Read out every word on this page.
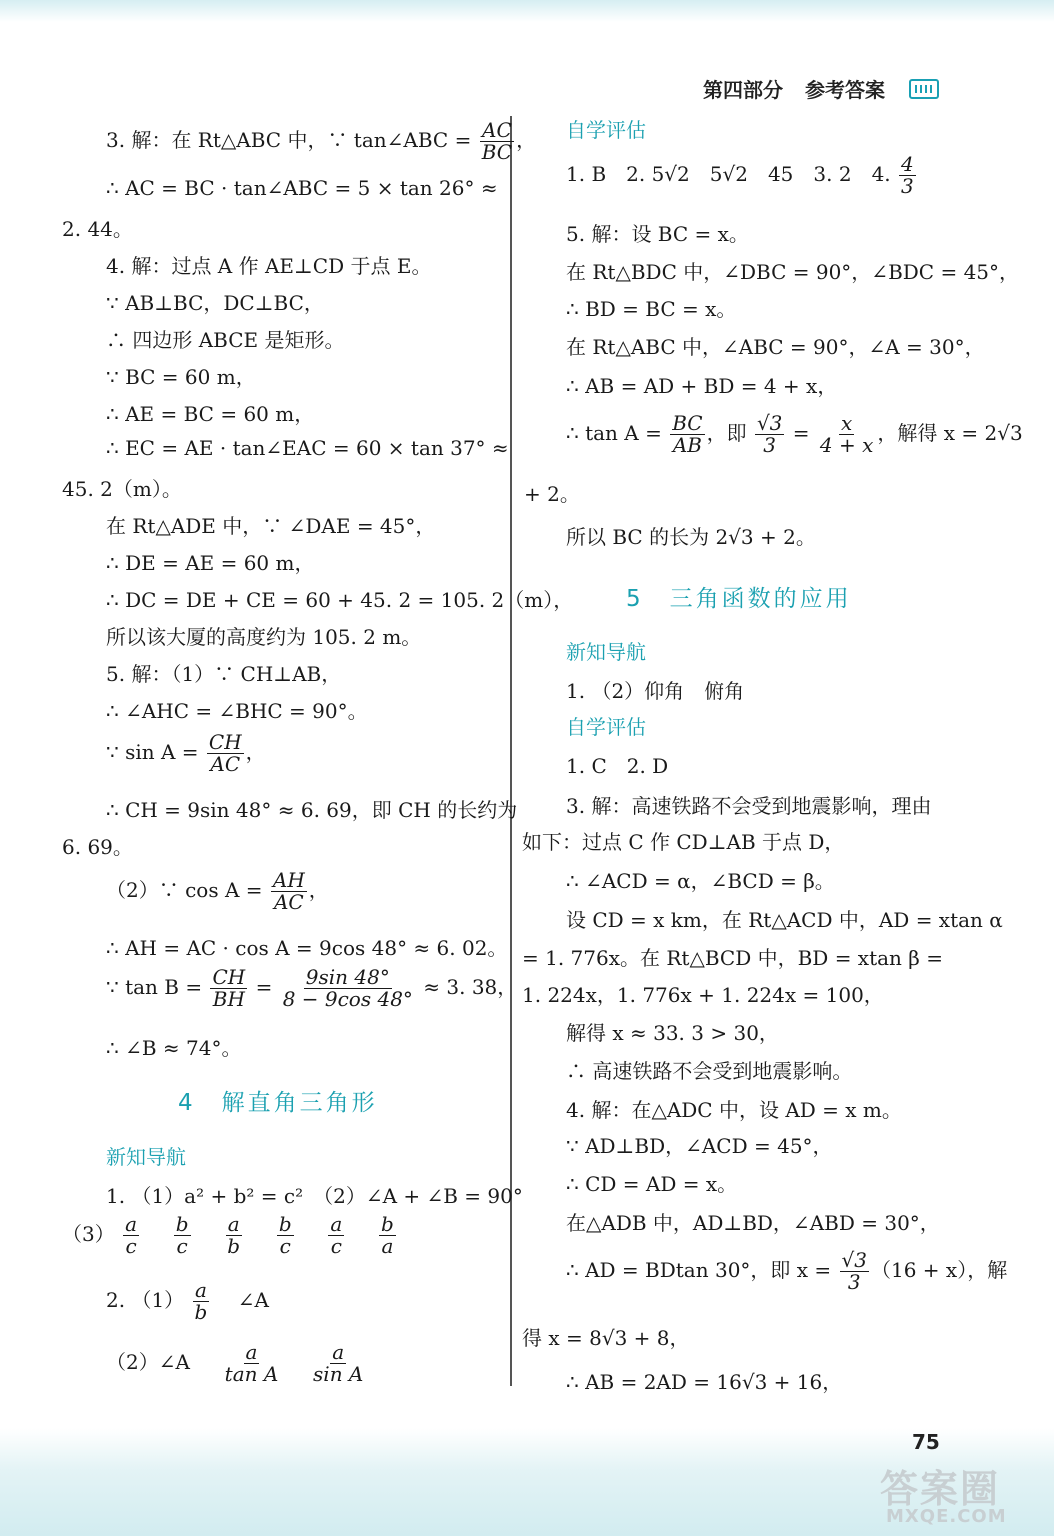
第四部分 参考答案
3. 解：在 Rt△ABC 中，∵ tan∠ABC = $\frac{AC}{BC}$ ，
∴ AC = BC · tan∠ABC = 5 × tan 26° ≈
2. 44。
4. 解：过点 A 作 AE⊥CD 于点 E。
∵ AB⊥BC，DC⊥BC，
∴ 四边形 ABCE 是矩形。
∵ BC = 60 m，
∴ AE = BC = 60 m，
∴ EC = AE · tan∠EAC = 60 × tan 37° ≈
45. 2（m）。
在 Rt△ADE 中，∵ ∠DAE = 45°，
∴ DE = AE = 60 m，
∴ DC = DE + CE = 60 + 45. 2 = 105. 2（m），
所以该大厦的高度约为 105. 2 m。
5. 解：（1）∵ CH⊥AB，
∴ ∠AHC = ∠BHC = 90°。
∵ $\sin A = \frac{CH}{AC}$ ，
∴ CH = 9sin 48° ≈ 6. 69，即 CH 的长约为
6. 69。
（2）∵ $\cos A = \frac{AH}{AC}$ ，
∴ AH = AC · cos A = 9cos 48° ≈ 6. 02。
∵ $\tan B = \frac{CH}{BH} = \frac{9\sin 48^\circ}{8 - 9\cos 48^\circ} \approx 3$. 38，
∴ ∠B ≈ 74°。
4　解直角三角形
新知导航
1. （1）a² + b² = c²　（2）∠A + ∠B = 90°
$(3) \frac{a}{c}$
$\frac{b}{c}$
$\frac{a}{b}$
$\frac{b}{c}$
$\frac{a}{c}$
$\frac{b}{a}$
2. $(1) \frac{a}{b}$ ∠A
（2）∠A $\frac{a}{\text{tan A}}$
$\frac{a}{\text{sin A}}$
自学评估
1. B　2. 5√2　5√2　45　3. 2　4. $\frac{4}{3}$
5. 解：设 BC = x。
在 Rt△BDC 中，∠DBC = 90°，∠BDC = 45°，
∴ BD = BC = x。
在 Rt△ABC 中，∠ABC = 90°，∠A = 30°，
∴ AB = AD + BD = 4 + x，
∴ $\tan A = \frac{BC}{AB}$ ，即 $\frac{√3}{3} = \frac{x}{4 + x}$ ，解得 x = 2√3
+ 2。
所以 BC 的长为 2√3 + 2。
5　三角函数的应用
新知导航
1. （2）仰角　俯角
自学评估
1. C　2. D
3. 解：高速铁路不会受到地震影响，理由
如下：过点 C 作 CD⊥AB 于点 D，
∴ ∠ACD = α，∠BCD = β。
设 CD = x km，在 Rt△ACD 中，AD = xtan α
= 1. 776x。在 Rt△BCD 中，BD = xtan β =
1. 224x，1. 776x + 1. 224x = 100，
解得 x ≈ 33. 3 > 30，
∴ 高速铁路不会受到地震影响。
4. 解：在△ADC 中，设 AD = x m。
∵ AD⊥BD，∠ACD = 45°，
∴ CD = AD = x。
在△ADB 中，AD⊥BD，∠ABD = 30°，
∴ AD = BDtan 30°，即 $x = \frac{√3}{3} (16 + x)$，解
得 x = 8√3 + 8，
∴ AB = 2AD = 16√3 + 16，
75
答案圈
MXQE.COM
